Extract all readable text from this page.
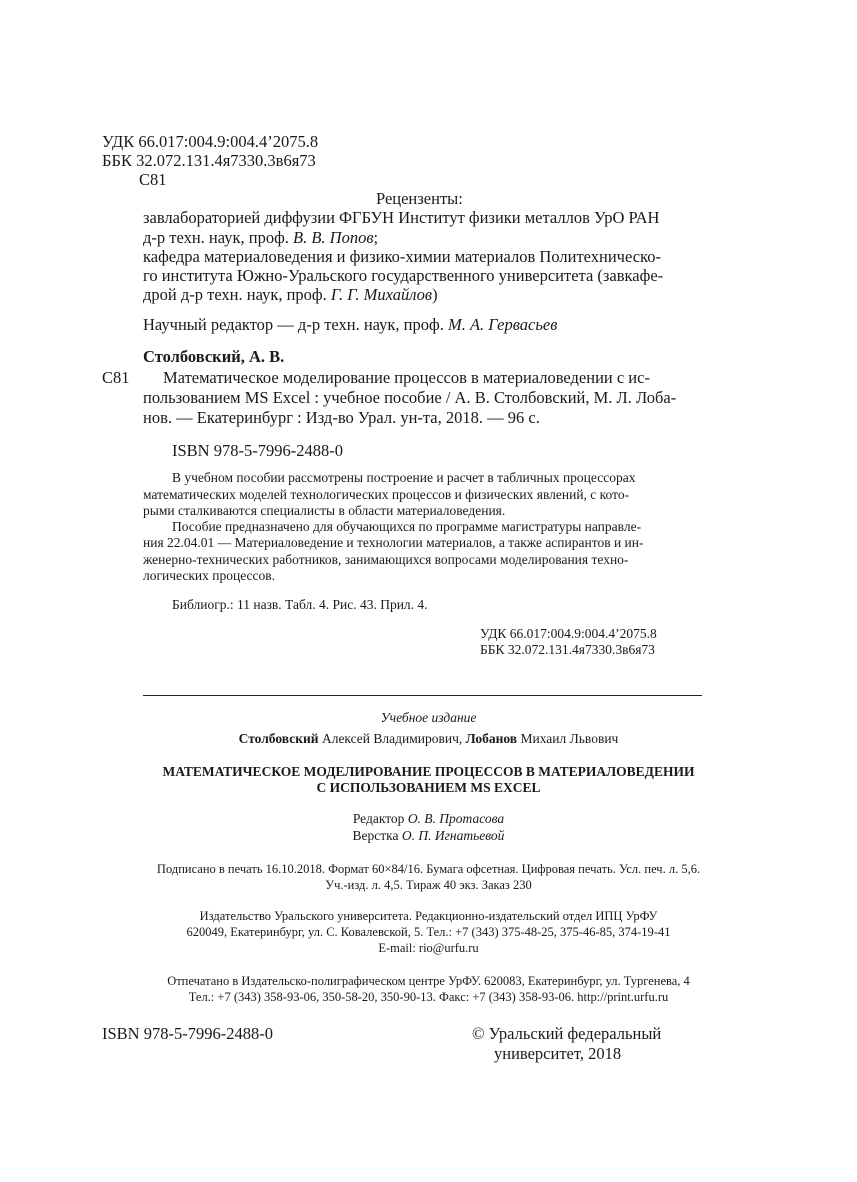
УДК 66.017:004.9:004.4’2075.8
ББК 32.072.131.4я7330.3в6я73
С81
Рецензенты:
завлабораторией диффузии ФГБУН Институт физики металлов УрО РАН
д-р техн. наук, проф. В. В. Попов;
кафедра материаловедения и физико-химии материалов Политехническо-
го института Южно-Уральского государственного университета (завкафе-
дрой д-р техн. наук, проф. Г. Г. Михайлов)
Научный редактор — д-р техн. наук, проф. М. А. Гервасьев
Столбовский, А. В.
С81 Математическое моделирование процессов в материаловедении с ис-
пользованием MS Excel : учебное пособие / А. В. Столбовский, М. Л. Лоба-
нов. — Екатеринбург : Изд-во Урал. ун-та, 2018. — 96 с.
ISBN 978-5-7996-2488-0
В учебном пособии рассмотрены построение и расчет в табличных процессорах
математических моделей технологических процессов и физических явлений, с кото-
рыми сталкиваются специалисты в области материаловедения.
Пособие предназначено для обучающихся по программе магистратуры направле-
ния 22.04.01 — Материаловедение и технологии материалов, а также аспирантов и ин-
женерно-технических работников, занимающихся вопросами моделирования техно-
логических процессов.
Библиогр.: 11 назв. Табл. 4. Рис. 43. Прил. 4.
УДК 66.017:004.9:004.4’2075.8
ББК 32.072.131.4я7330.3в6я73
Учебное издание
Столбовский Алексей Владимирович, Лобанов Михаил Львович
МАТЕМАТИЧЕСКОЕ МОДЕЛИРОВАНИЕ ПРОЦЕССОВ В МАТЕРИАЛОВЕДЕНИИ
С ИСПОЛЬЗОВАНИЕМ MS EXCEL
Редактор О. В. Протасова
Верстка О. П. Игнатьевой
Подписано в печать 16.10.2018. Формат 60×84/16. Бумага офсетная. Цифровая печать. Усл. печ. л. 5,6.
Уч.-изд. л. 4,5. Тираж 40 экз. Заказ 230
Издательство Уральского университета. Редакционно-издательский отдел ИПЦ УрФУ
620049, Екатеринбург, ул. С. Ковалевской, 5. Тел.: +7 (343) 375-48-25, 375-46-85, 374-19-41
E-mail: rio@urfu.ru
Отпечатано в Издательско-полиграфическом центре УрФУ. 620083, Екатеринбург, ул. Тургенева, 4
Тел.: +7 (343) 358-93-06, 350-58-20, 350-90-13. Факс: +7 (343) 358-93-06. http://print.urfu.ru
ISBN 978-5-7996-2488-0	© Уральский федеральный
университет, 2018
